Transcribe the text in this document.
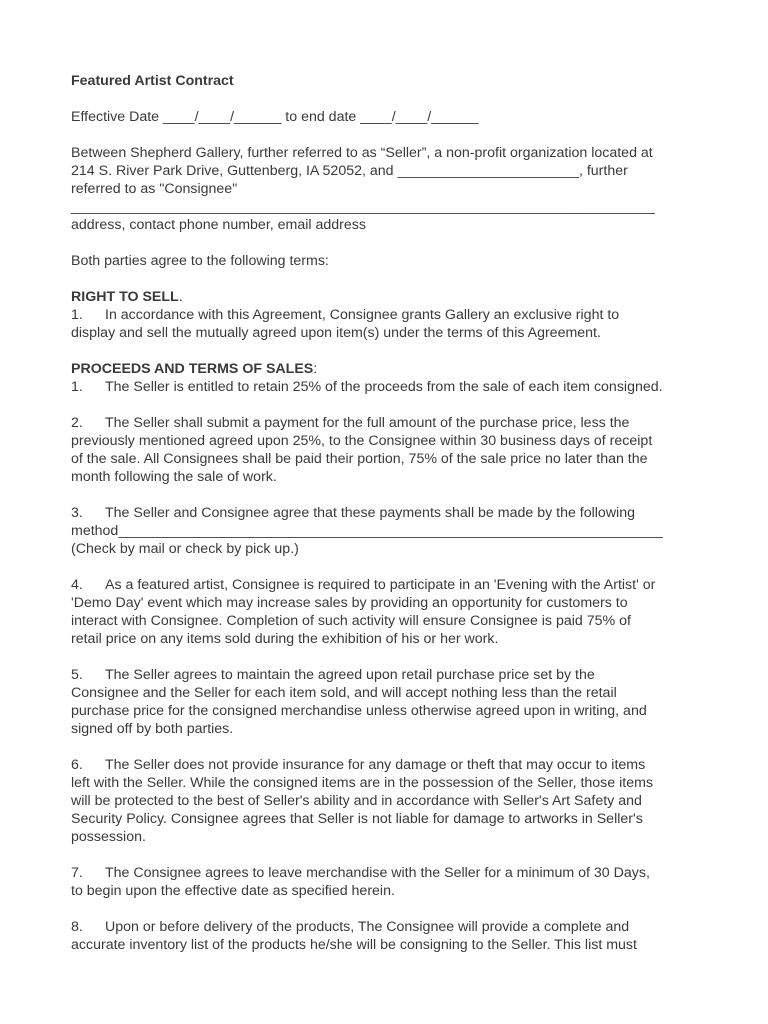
Featured Artist Contract

Effective Date ____/____/______ to end date ____/____/______

Between Shepherd Gallery, further referred to as “Seller”, a non-profit organization located at
214 S. River Park Drive, Guttenberg, IA 52052, and _______________________, further
referred to as "Consignee"
__________________________________________________________________________
address, contact phone number, email address

Both parties agree to the following terms:

RIGHT TO SELL.
1. In accordance with this Agreement, Consignee grants Gallery an exclusive right to
display and sell the mutually agreed upon item(s) under the terms of this Agreement.

PROCEEDS AND TERMS OF SALES:
1. The Seller is entitled to retain 25% of the proceeds from the sale of each item consigned.

2. The Seller shall submit a payment for the full amount of the purchase price, less the
previously mentioned agreed upon 25%, to the Consignee within 30 business days of receipt
of the sale. All Consignees shall be paid their portion, 75% of the sale price no later than the
month following the sale of work.

3. The Seller and Consignee agree that these payments shall be made by the following
method_____________________________________________________________________
(Check by mail or check by pick up.)

4. As a featured artist, Consignee is required to participate in an 'Evening with the Artist' or
'Demo Day' event which may increase sales by providing an opportunity for customers to
interact with Consignee. Completion of such activity will ensure Consignee is paid 75% of
retail price on any items sold during the exhibition of his or her work.

5. The Seller agrees to maintain the agreed upon retail purchase price set by the
Consignee and the Seller for each item sold, and will accept nothing less than the retail
purchase price for the consigned merchandise unless otherwise agreed upon in writing, and
signed off by both parties.

6. The Seller does not provide insurance for any damage or theft that may occur to items
left with the Seller. While the consigned items are in the possession of the Seller, those items
will be protected to the best of Seller's ability and in accordance with Seller's Art Safety and
Security Policy. Consignee agrees that Seller is not liable for damage to artworks in Seller's
possession.

7. The Consignee agrees to leave merchandise with the Seller for a minimum of 30 Days,
to begin upon the effective date as specified herein.

8. Upon or before delivery of the products, The Consignee will provide a complete and
accurate inventory list of the products he/she will be consigning to the Seller. This list must
